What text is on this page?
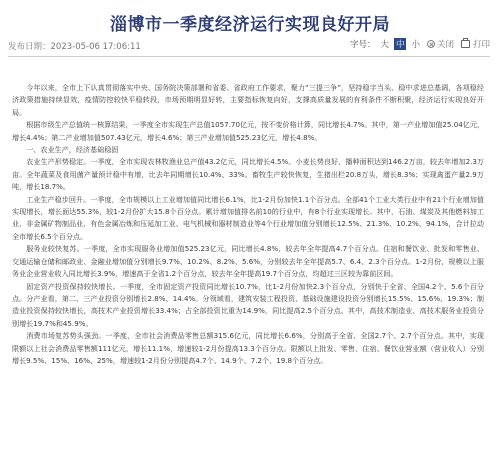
淄博市一季度经济运行实现良好开局
发布日期：2023-05-06 17:06:11	字号： 大 中 小 关闭 打印

今年以来，全市上下认真贯彻落实中央、国务院决策部署和省委、省政府工作要求，聚力“三提三争”，坚持稳字当头、稳中求进总基调，各项稳经济政策措施持续显效，疫情防控较快平稳转段，市场预期明显好转，主要指标恢复向好，支撑高质量发展的有利条件不断积聚，经济运行实现良好开局。

根据市级生产总值统一核算结果，一季度全市实现生产总值1057.70亿元，按不变价格计算，同比增长4.7%。其中，第一产业增加值25.04亿元，增长4.4%；第二产业增加值507.43亿元，增长4.6%；第三产业增加值525.23亿元，增长4.8%。

一、农业生产，经济基础稳固

农业生产形势稳定。一季度，全市实现农林牧渔业总产值43.2亿元，同比增长4.5%。小麦长势良好，播种面积达到146.2万亩，较去年增加2.3万亩。全年蔬菜及食用菌产量预计稳中有增，比去年同期增长10.4%、33%。畜牧生产较快恢复，生猪出栏20.8万头，增长8.3%；实现禽蛋产量2.9万吨，增长18.7%。

工业生产稳步回升。一季度，全市规模以上工业增加值同比增长6.1%，比1-2月份加快1.1个百分点。全部41个工业大类行业中有21个行业增加值实现增长，增长面达55.3%，较1-2月份扩大15.8个百分点。累计增加值排名前10的行业中，有8个行业实现增长。其中，石油、煤炭及其他燃料加工业、非金属矿物制品业、有色金属冶炼和压延加工业、电气机械和器材制造业等4个行业增加值分别增长12.5%、21.3%、10.2%、94.1%，合计拉动全市增长6.5个百分点。

服务业较快复苏。一季度，全市实现服务业增加值525.23亿元，同比增长4.8%，较去年全年提高4.7个百分点。住宿和餐饮业、批发和零售业、交通运输仓储和邮政业、金融业增加值分别增长9.7%、10.2%、8.2%、5.6%，分别较去年全年提高5.7、6.4、2.3个百分点。1-2月份，规模以上服务业企业营业收入同比增长3.9%，增速高于全省1.2个百分点，较去年全年提高19.7个百分点，均超过三区较为靠前区间。

固定资产投资保持较快增长。一季度，全市固定资产投资同比增长10.7%，比1-2月份加快2.3个百分点，分别快于全省、全国4.2个、5.6个百分点。分产业看，第二、三产业投资分别增长2.8%、14.4%。分领域看，建筑安装工程投资、基础设施建设投资分别增长15.5%、15.6%、19.3%；制造业投资保持较快增长，高技术产业投资增长33.4%；占全部投资比重为14.9%，同比提高2.5个百分点。其中，高技术制造业、高技术服务业投资分别增长19.7%和45.9%。

消费市场复苏势头强劲。一季度，全市社会消费品零售总额315.6亿元，同比增长6.6%，分别高于全省、全国2.7个、2.7个百分点。其中，实现限额以上社会消费品零售额111亿元，增长11.1%，增速较1-2月份提高13.3个百分点。限额以上批发、零售、住宿、餐饮业营业额（营业收入）分别增长9.5%、15%、16%、25%，增速较1-2月份分别提高4.7个、14.9个、7.2个、19.8个百分点。
